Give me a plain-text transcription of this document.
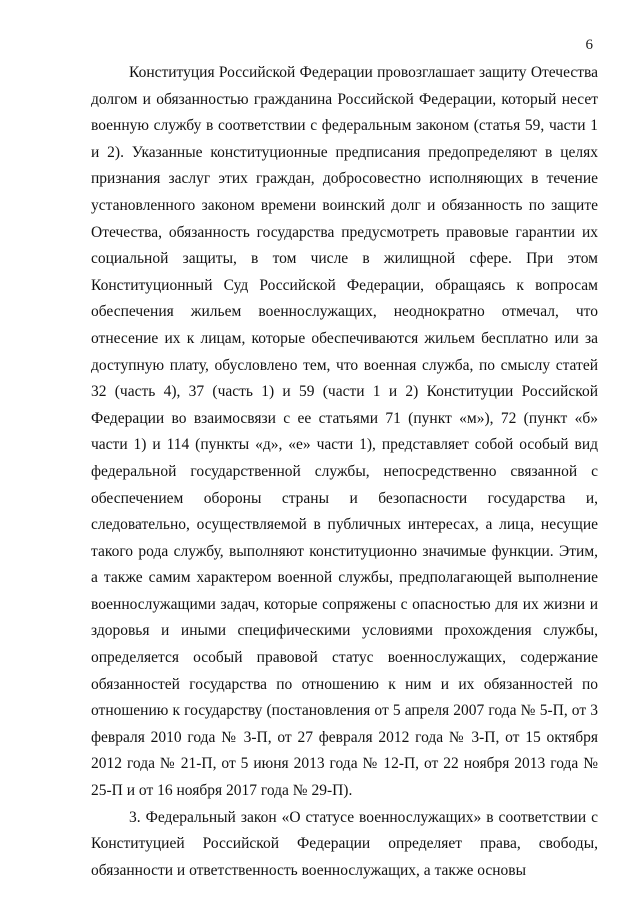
6

Конституция Российской Федерации провозглашает защиту Отечества долгом и обязанностью гражданина Российской Федерации, который несет военную службу в соответствии с федеральным законом (статья 59, части 1 и 2). Указанные конституционные предписания предопределяют в целях признания заслуг этих граждан, добросовестно исполняющих в течение установленного законом времени воинский долг и обязанность по защите Отечества, обязанность государства предусмотреть правовые гарантии их социальной защиты, в том числе в жилищной сфере. При этом Конституционный Суд Российской Федерации, обращаясь к вопросам обеспечения жильем военнослужащих, неоднократно отмечал, что отнесение их к лицам, которые обеспечиваются жильем бесплатно или за доступную плату, обусловлено тем, что военная служба, по смыслу статей 32 (часть 4), 37 (часть 1) и 59 (части 1 и 2) Конституции Российской Федерации во взаимосвязи с ее статьями 71 (пункт «м»), 72 (пункт «б» части 1) и 114 (пункты «д», «е» части 1), представляет собой особый вид федеральной государственной службы, непосредственно связанной с обеспечением обороны страны и безопасности государства и, следовательно, осуществляемой в публичных интересах, а лица, несущие такого рода службу, выполняют конституционно значимые функции. Этим, а также самим характером военной службы, предполагающей выполнение военнослужащими задач, которые сопряжены с опасностью для их жизни и здоровья и иными специфическими условиями прохождения службы, определяется особый правовой статус военнослужащих, содержание обязанностей государства по отношению к ним и их обязанностей по отношению к государству (постановления от 5 апреля 2007 года № 5-П, от 3 февраля 2010 года № 3-П, от 27 февраля 2012 года № 3-П, от 15 октября 2012 года № 21-П, от 5 июня 2013 года № 12-П, от 22 ноября 2013 года № 25-П и от 16 ноября 2017 года № 29-П).

3. Федеральный закон «О статусе военнослужащих» в соответствии с Конституцией Российской Федерации определяет права, свободы, обязанности и ответственность военнослужащих, а также основы
